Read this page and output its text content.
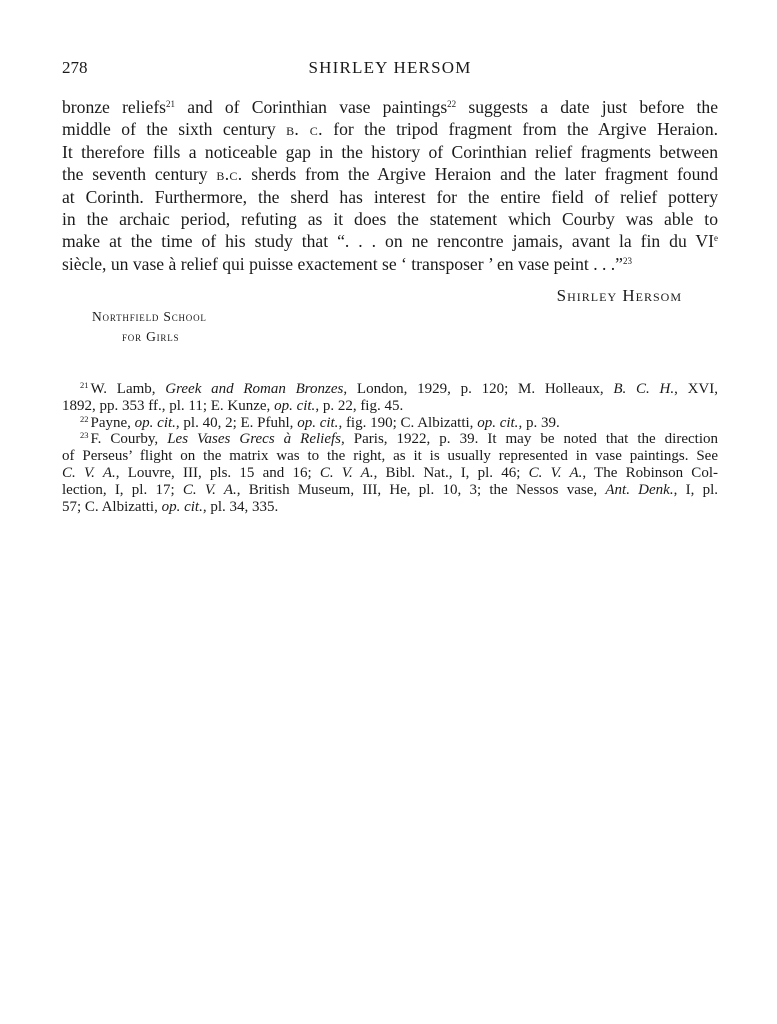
278	SHIRLEY HERSOM
bronze reliefs$^{21}$ and of Corinthian vase paintings$^{22}$ suggests a date just before the
middle of the sixth century b. c. for the tripod fragment from the Argive Heraion.
It therefore fills a noticeable gap in the history of Corinthian relief fragments between
the seventh century b.c. sherds from the Argive Heraion and the later fragment found
at Corinth. Furthermore, the sherd has interest for the entire field of relief pottery
in the archaic period, refuting as it does the statement which Courby was able to
make at the time of his study that “. . . on ne rencontre jamais, avant la fin du VIe
siècle, un vase à relief qui puisse exactement se ‘ transposer ’ en vase peint . . .”$^{23}$
Shirley Hersom
Northfield School
for Girls
$^{21}$ W. Lamb, Greek and Roman Bronzes, London, 1929, p. 120; M. Holleaux, B. C. H., XVI,
1892, pp. 353 ff., pl. 11; E. Kunze, op. cit., p. 22, fig. 45.
$^{22}$ Payne, op. cit., pl. 40, 2; E. Pfuhl, op. cit., fig. 190; C. Albizatti, op. cit., p. 39.
$^{23}$ F. Courby, Les Vases Grecs à Reliefs, Paris, 1922, p. 39. It may be noted that the direction
of Perseus’ flight on the matrix was to the right, as it is usually represented in vase paintings. See
C. V. A., Louvre, III, pls. 15 and 16; C. V. A., Bibl. Nat., I, pl. 46; C. V. A., The Robinson Col-
lection, I, pl. 17; C. V. A., British Museum, III, He, pl. 10, 3; the Nessos vase, Ant. Denk., I, pl.
57; C. Albizatti, op. cit., pl. 34, 335.
